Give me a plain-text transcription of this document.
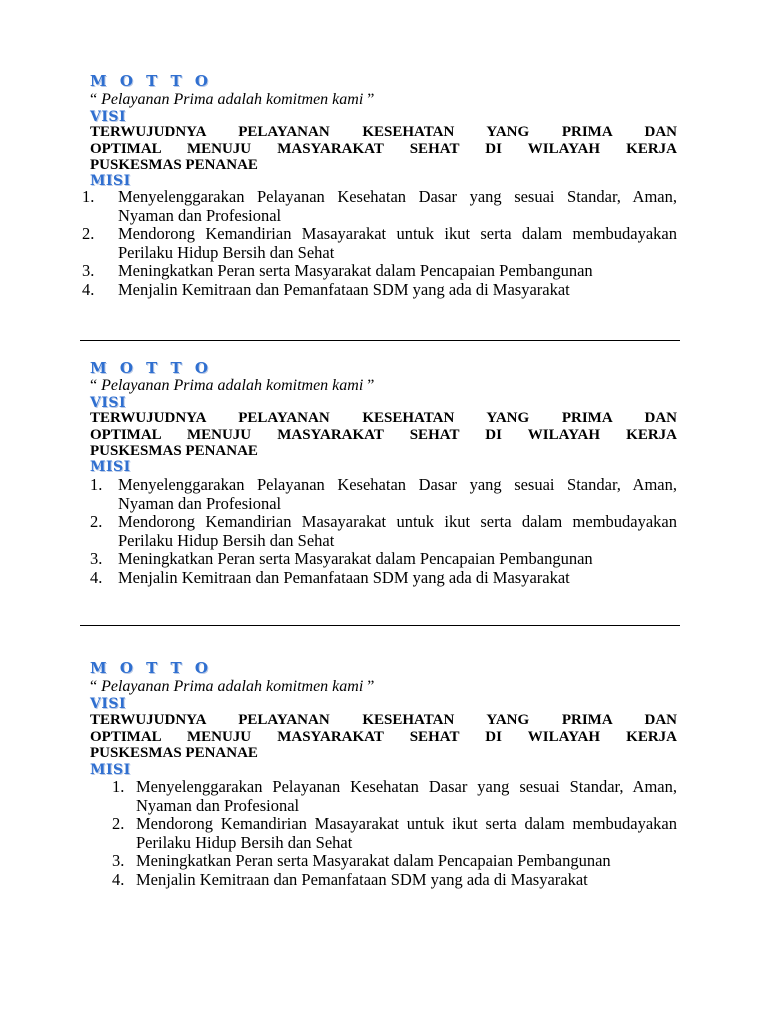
M O T T O
“ Pelayanan Prima adalah komitmen kami ”
VISI
TERWUJUDNYA PELAYANAN KESEHATAN YANG PRIMA DAN
OPTIMAL MENUJU MASYARAKAT SEHAT DI WILAYAH KERJA
PUSKESMAS PENANAE
MISI
1. Menyelenggarakan Pelayanan Kesehatan Dasar yang sesuai Standar, Aman, Nyaman dan Profesional
2. Mendorong Kemandirian Masayarakat untuk ikut serta dalam membudayakan Perilaku Hidup Bersih dan Sehat
3. Meningkatkan Peran serta Masyarakat dalam Pencapaian Pembangunan
4. Menjalin Kemitraan dan Pemanfataan SDM yang ada di Masyarakat
M O T T O
“ Pelayanan Prima adalah komitmen kami ”
VISI
TERWUJUDNYA PELAYANAN KESEHATAN YANG PRIMA DAN
OPTIMAL MENUJU MASYARAKAT SEHAT DI WILAYAH KERJA
PUSKESMAS PENANAE
MISI
1. Menyelenggarakan Pelayanan Kesehatan Dasar yang sesuai Standar, Aman, Nyaman dan Profesional
2. Mendorong Kemandirian Masayarakat untuk ikut serta dalam membudayakan Perilaku Hidup Bersih dan Sehat
3. Meningkatkan Peran serta Masyarakat dalam Pencapaian Pembangunan
4. Menjalin Kemitraan dan Pemanfataan SDM yang ada di Masyarakat
M O T T O
“ Pelayanan Prima adalah komitmen kami ”
VISI
TERWUJUDNYA PELAYANAN KESEHATAN YANG PRIMA DAN
OPTIMAL MENUJU MASYARAKAT SEHAT DI WILAYAH KERJA
PUSKESMAS PENANAE
MISI
1. Menyelenggarakan Pelayanan Kesehatan Dasar yang sesuai Standar, Aman, Nyaman dan Profesional
2. Mendorong Kemandirian Masayarakat untuk ikut serta dalam membudayakan Perilaku Hidup Bersih dan Sehat
3. Meningkatkan Peran serta Masyarakat dalam Pencapaian Pembangunan
4. Menjalin Kemitraan dan Pemanfataan SDM yang ada di Masyarakat
